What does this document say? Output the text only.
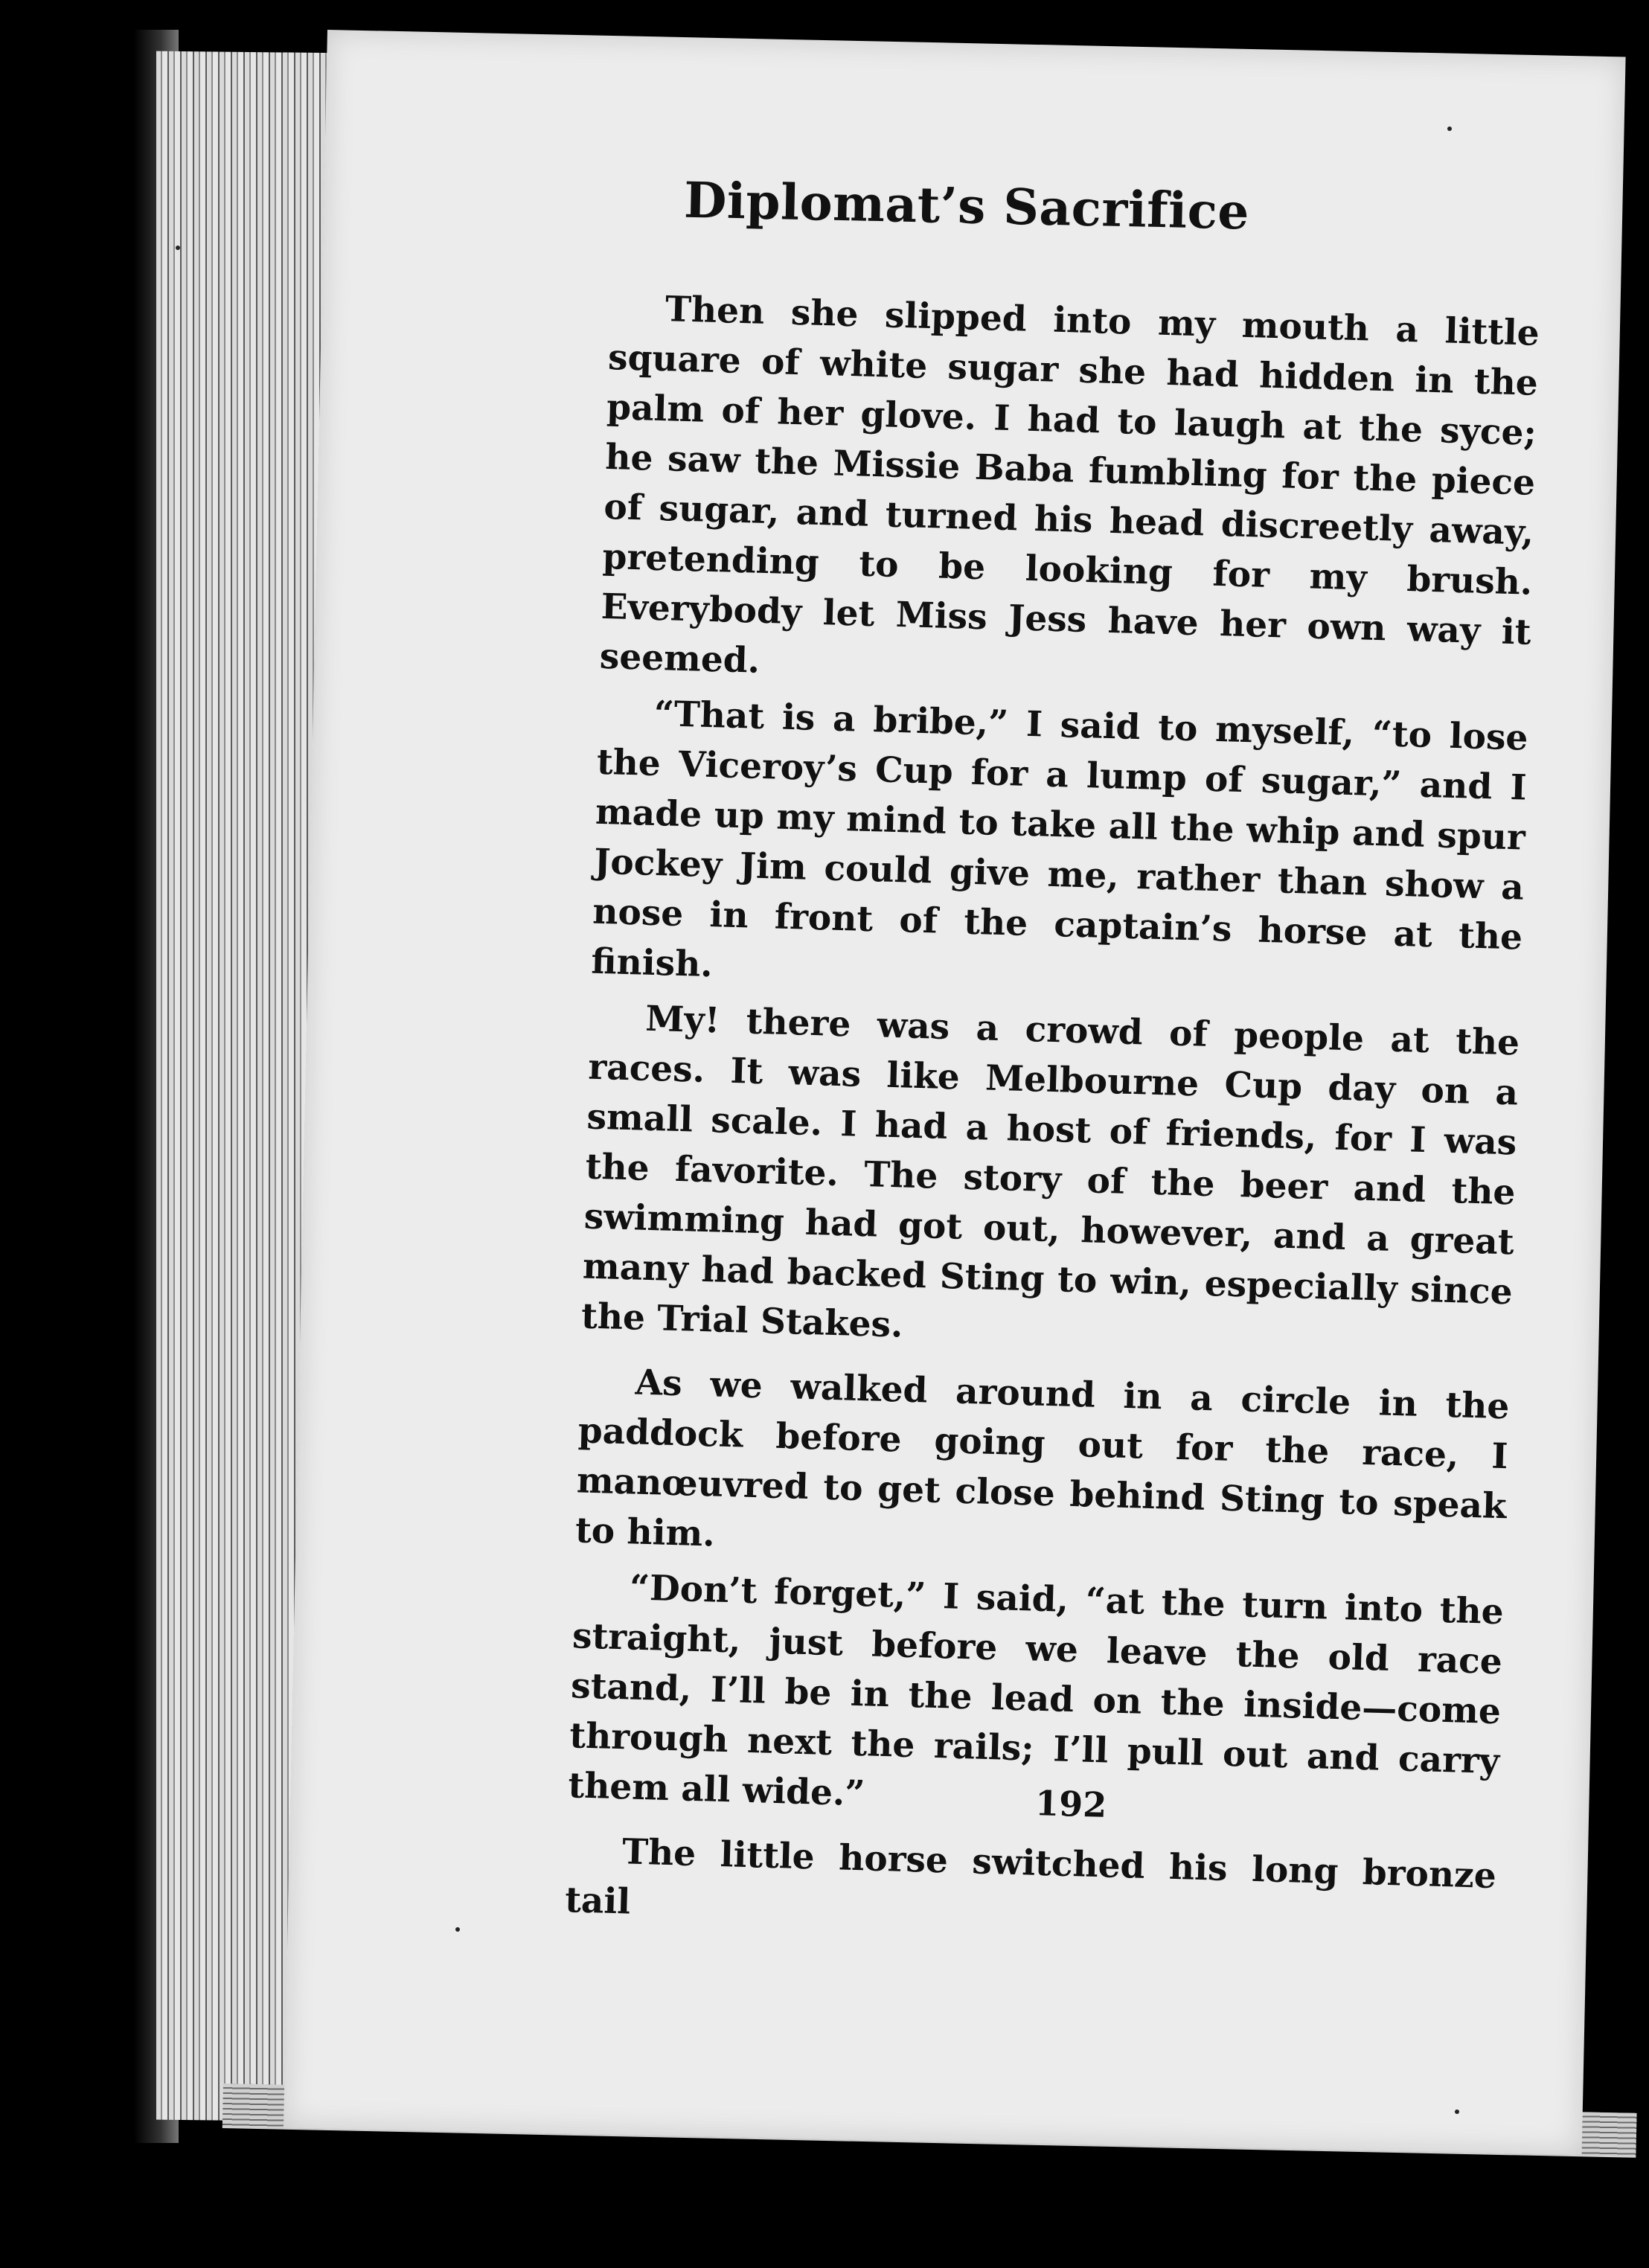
Diplomat’s Sacrifice

Then she slipped into my mouth a little square of white sugar she had hidden in the palm of her glove. I had to laugh at the syce; he saw the Missie Baba fumbling for the piece of sugar, and turned his head discreetly away, pretending to be looking for my brush. Everybody let Miss Jess have her own way it seemed.

“That is a bribe,” I said to myself, “to lose the Viceroy’s Cup for a lump of sugar,” and I made up my mind to take all the whip and spur Jockey Jim could give me, rather than show a nose in front of the captain’s horse at the finish.

My! there was a crowd of people at the races. It was like Melbourne Cup day on a small scale. I had a host of friends, for I was the favorite. The story of the beer and the swimming had got out, however, and a great many had backed Sting to win, especially since the Trial Stakes.

As we walked around in a circle in the paddock before going out for the race, I manœuvred to get close behind Sting to speak to him.

“Don’t forget,” I said, “at the turn into the straight, just before we leave the old race stand, I’ll be in the lead on the inside—come through next the rails; I’ll pull out and carry them all wide.”

The little horse switched his long bronze tail

192
